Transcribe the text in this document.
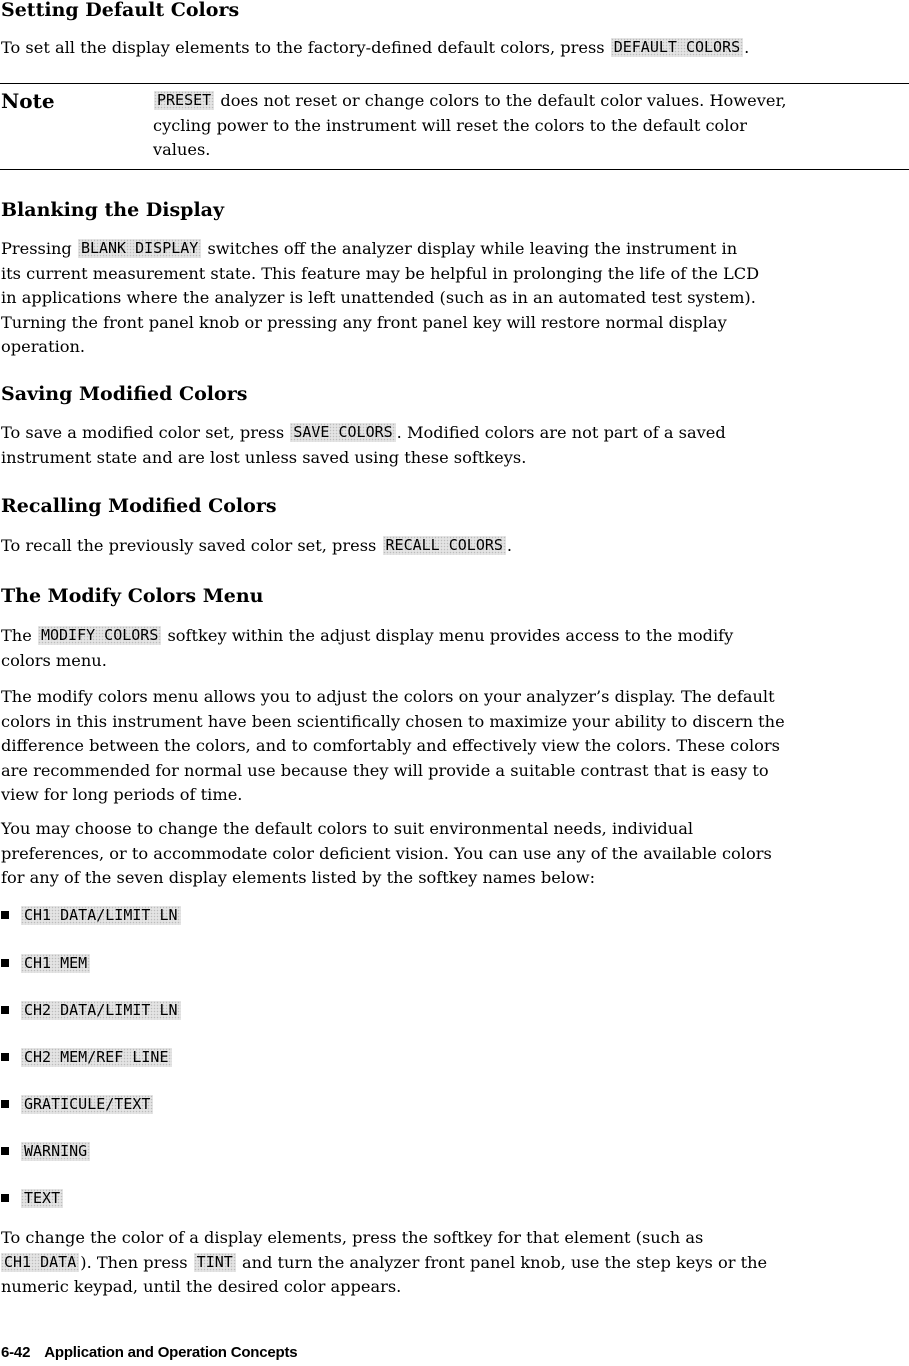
Setting Default Colors
To set all the display elements to the factory-defined default colors, press DEFAULT COLORS .
Note	PRESET does not reset or change colors to the default color values. However,
cycling power to the instrument will reset the colors to the default color
values.
Blanking the Display
Pressing BLANK DISPLAY switches off the analyzer display while leaving the instrument in
its current measurement state. This feature may be helpful in prolonging the life of the LCD
in applications where the analyzer is left unattended (such as in an automated test system).
Turning the front panel knob or pressing any front panel key will restore normal display
operation.
Saving Modified Colors
To save a modified color set, press SAVE COLORS . Modified colors are not part of a saved
instrument state and are lost unless saved using these softkeys.
Recalling Modified Colors
To recall the previously saved color set, press RECALL COLORS .
The Modify Colors Menu
The MODIFY COLORS softkey within the adjust display menu provides access to the modify
colors menu.
The modify colors menu allows you to adjust the colors on your analyzer’s display. The default
colors in this instrument have been scientifically chosen to maximize your ability to discern the
difference between the colors, and to comfortably and effectively view the colors. These colors
are recommended for normal use because they will provide a suitable contrast that is easy to
view for long periods of time.
You may choose to change the default colors to suit environmental needs, individual
preferences, or to accommodate color deficient vision. You can use any of the available colors
for any of the seven display elements listed by the softkey names below:
CH1 DATA/LIMIT LN
CH1 MEM
CH2 DATA/LIMIT LN
CH2 MEM/REF LINE
GRATICULE/TEXT
WARNING
TEXT
To change the color of a display elements, press the softkey for that element (such as
CH1 DATA ). Then press TINT and turn the analyzer front panel knob, use the step keys or the
numeric keypad, until the desired color appears.
6-42 Application and Operation Concepts
